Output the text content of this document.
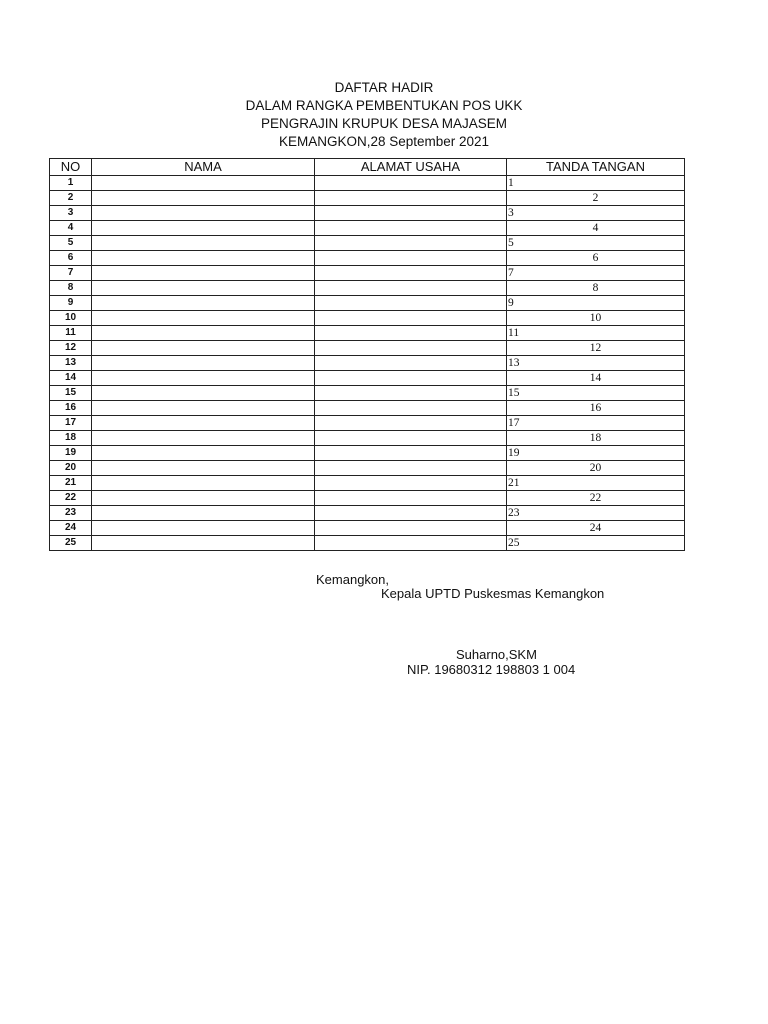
DAFTAR HADIR
DALAM RANGKA PEMBENTUKAN POS UKK
PENGRAJIN KRUPUK DESA MAJASEM
KEMANGKON,28 September 2021
NO	NAMA	ALAMAT USAHA	TANDA TANGAN
1			1
2			2
3			3
4			4
5			5
6			6
7			7
8			8
9			9
10			10
11			11
12			12
13			13
14			14
15			15
16			16
17			17
18			18
19			19
20			20
21			21
22			22
23			23
24			24
25			25
Kemangkon,
Kepala UPTD Puskesmas Kemangkon
Suharno,SKM
NIP. 19680312 198803 1 004
